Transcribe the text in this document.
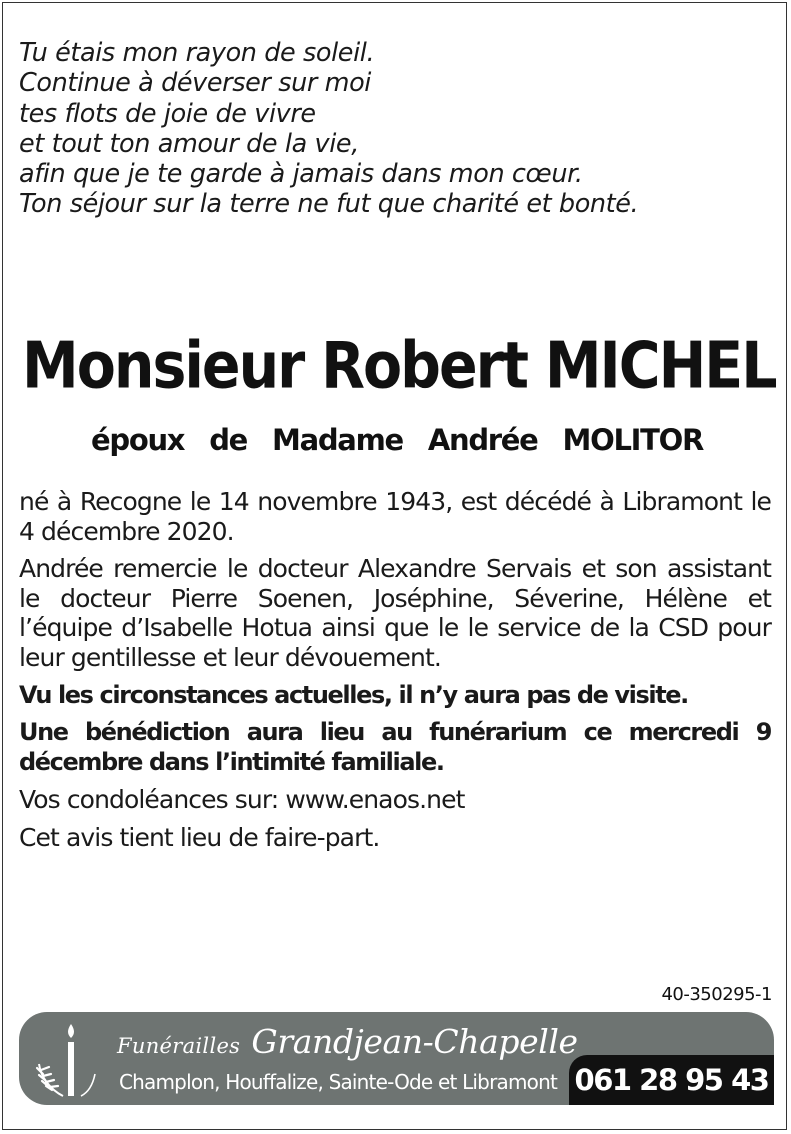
Tu étais mon rayon de soleil.
Continue à déverser sur moi
tes flots de joie de vivre
et tout ton amour de la vie,
afin que je te garde à jamais dans mon cœur.
Ton séjour sur la terre ne fut que charité et bonté.
Monsieur Robert MICHEL
époux de Madame Andrée MOLITOR

né à Recogne le 14 novembre 1943, est décédé à Libramont le 4 décembre 2020.

Andrée remercie le docteur Alexandre Servais et son assistant le docteur Pierre Soenen, Joséphine, Séverine, Hélène et l’équipe d’Isabelle Hotua ainsi que le le service de la CSD pour leur gentillesse et leur dévouement.

Vu les circonstances actuelles, il n’y aura pas de visite.

Une bénédiction aura lieu au funérarium ce mercredi 9 décembre dans l’intimité familiale.

Vos condoléances sur: www.enaos.net

Cet avis tient lieu de faire-part.

40-350295-1
Funérailles Grandjean-Chapelle
Champlon, Houffalize, Sainte-Ode et Libramont 061 28 95 43
